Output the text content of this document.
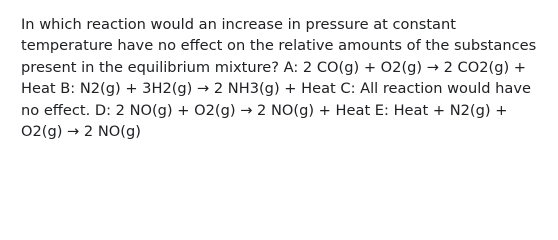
In which reaction would an increase in pressure at constant temperature have no effect on the relative amounts of the substances present in the equilibrium mixture? A: 2 CO(g) + O2(g) → 2 CO2(g) + Heat B: N2(g) + 3H2(g) → 2 NH3(g) + Heat C: All reaction would have no effect. D: 2 NO(g) + O2(g) → 2 NO(g) + Heat E: Heat + N2(g) + O2(g) → 2 NO(g)
